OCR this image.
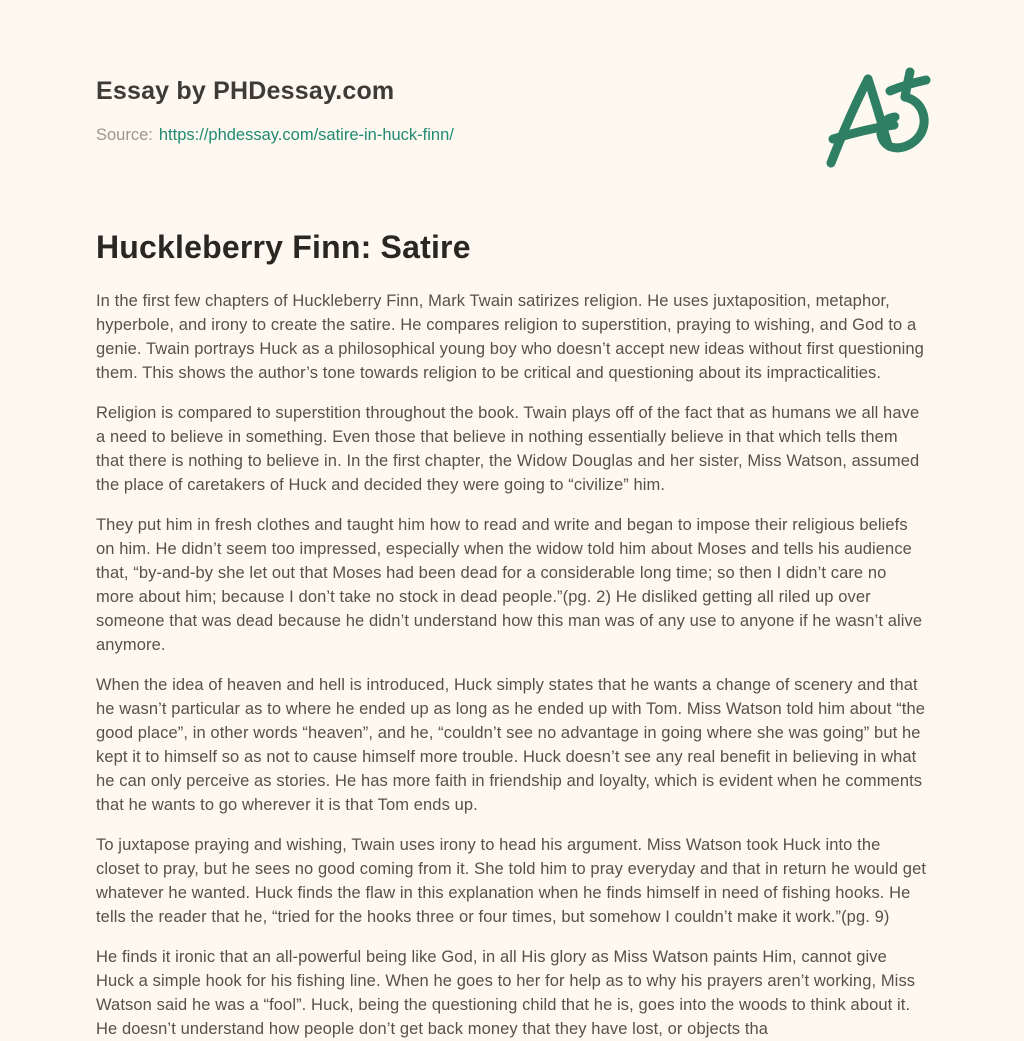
Essay by PHDessay.com
Source: https://phdessay.com/satire-in-huck-finn/
Huckleberry Finn: Satire

In the first few chapters of Huckleberry Finn, Mark Twain satirizes religion. He uses juxtaposition, metaphor, hyperbole, and irony to create the satire. He compares religion to superstition, praying to wishing, and God to a genie. Twain portrays Huck as a philosophical young boy who doesn’t accept new ideas without first questioning them. This shows the author’s tone towards religion to be critical and questioning about its impracticalities.

Religion is compared to superstition throughout the book. Twain plays off of the fact that as humans we all have a need to believe in something. Even those that believe in nothing essentially believe in that which tells them that there is nothing to believe in. In the first chapter, the Widow Douglas and her sister, Miss Watson, assumed the place of caretakers of Huck and decided they were going to “civilize” him.

They put him in fresh clothes and taught him how to read and write and began to impose their religious beliefs on him. He didn’t seem too impressed, especially when the widow told him about Moses and tells his audience that, “by-and-by she let out that Moses had been dead for a considerable long time; so then I didn’t care no more about him; because I don’t take no stock in dead people.”(pg. 2) He disliked getting all riled up over someone that was dead because he didn’t understand how this man was of any use to anyone if he wasn’t alive anymore.

When the idea of heaven and hell is introduced, Huck simply states that he wants a change of scenery and that he wasn’t particular as to where he ended up as long as he ended up with Tom. Miss Watson told him about “the good place”, in other words “heaven”, and he, “couldn’t see no advantage in going where she was going” but he kept it to himself so as not to cause himself more trouble. Huck doesn’t see any real benefit in believing in what he can only perceive as stories. He has more faith in friendship and loyalty, which is evident when he comments that he wants to go wherever it is that Tom ends up.

To juxtapose praying and wishing, Twain uses irony to head his argument. Miss Watson took Huck into the closet to pray, but he sees no good coming from it. She told him to pray everyday and that in return he would get whatever he wanted. Huck finds the flaw in this explanation when he finds himself in need of fishing hooks. He tells the reader that he, “tried for the hooks three or four times, but somehow I couldn’t make it work.”(pg. 9)

He finds it ironic that an all-powerful being like God, in all His glory as Miss Watson paints Him, cannot give Huck a simple hook for his fishing line. When he goes to her for help as to why his prayers aren’t working, Miss Watson said he was a “fool”. Huck, being the questioning child that he is, goes into the woods to think about it. He doesn’t understand how people don’t get back money that they have lost, or objects tha
